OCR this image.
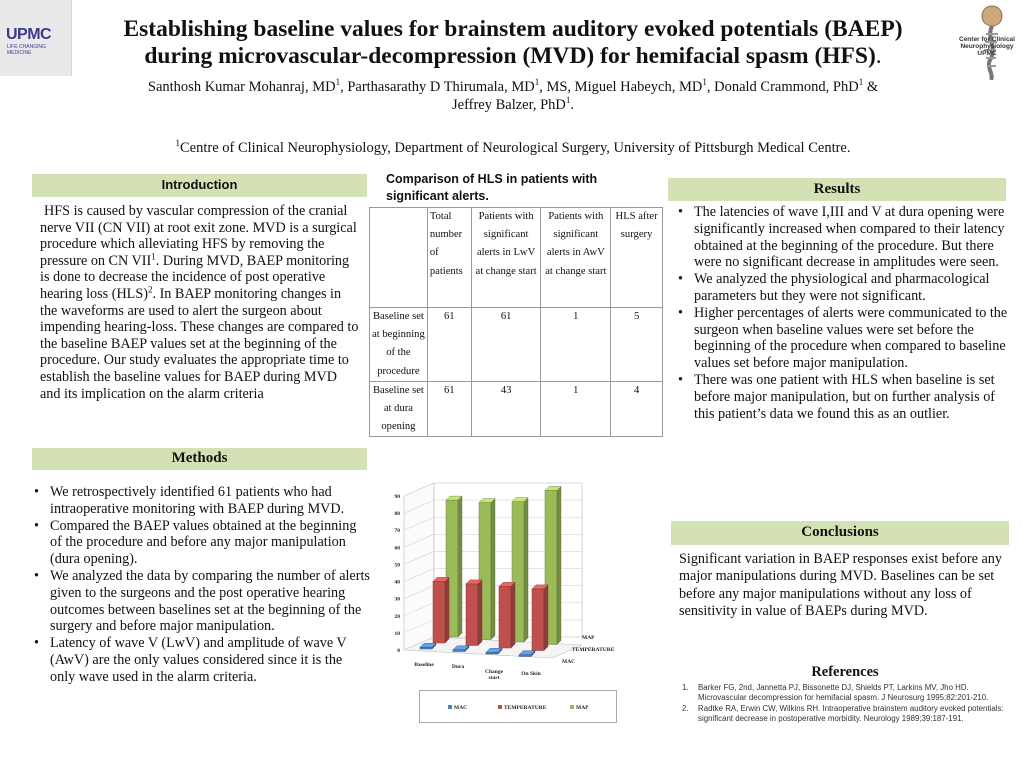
UPMC
LIFE CHANGING MEDICINE
Center for Clinical Neurophysiology
UPMC
Establishing baseline values for brainstem auditory evoked potentials (BAEP)
during microvascular-decompression (MVD) for hemifacial spasm (HFS).
Santhosh Kumar Mohanraj, $MD^1$, Parthasarathy D Thirumala, $MD^1$, MS, Miguel Habeych, $MD^1$, Donald Crammond, PhD$^1$ &
Jeffrey Balzer, PhD$^1$.
$^1$Centre of Clinical Neurophysiology, Department of Neurological Surgery, University of Pittsburgh Medical Centre.
Introduction
HFS is caused by vascular compression of the cranial nerve VII (CN VII) at root exit zone. MVD is a surgical procedure which alleviating HFS by removing the pressure on CN VII$^1$. During MVD, BAEP monitoring is done to decrease the incidence of post operative hearing loss (HLS)$^2$. In BAEP monitoring changes in the waveforms are used to alert the surgeon about impending hearing-loss. These changes are compared to the baseline BAEP values set at the beginning of the procedure. Our study evaluates the appropriate time to establish the baseline values for BAEP during MVD and its implication on the alarm criteria
Methods
• We retrospectively identified 61 patients who had intraoperative monitoring with BAEP during MVD.
• Compared the BAEP values obtained at the beginning of the procedure and before any major manipulation (dura opening).
• We analyzed the data by comparing the number of alerts given to the surgeons and the post operative hearing outcomes between baselines set at the beginning of the surgery and before major manipulation.
• Latency of wave V (LwV) and amplitude of wave V (AwV) are the only values considered since it is the only wave used in the alarm criteria.
Comparison of HLS in patients with significant alerts.
	Total number of patients	Patients with significant alerts in LwV at change start	Patients with significant alerts in AwV at change start	HLS after surgery
Baseline set at beginning of the procedure	61	61	1	5
Baseline set at dura opening	61	43	1	4
0
10
20
30
40
50
60
70
80
90
Baseline	Dura
Change
start
On Skin
MAP
TEMPERATURE
MAC
MAC	TEMPERATURE	MAP
Results
• The latencies of wave I,III and V at dura opening were significantly increased when compared to their latency obtained at the beginning of the procedure. But there were no significant decrease in amplitudes were seen.
• We analyzed the physiological and pharmacological parameters but they were not significant.
• Higher percentages of alerts were communicated to the surgeon when baseline values were set before the beginning of the procedure when compared to baseline values set before major manipulation.
• There was one patient with HLS when baseline is set before major manipulation, but on further analysis of this patient’s data we found this as an outlier.
Conclusions
Significant variation in BAEP responses exist before any major manipulations during MVD. Baselines can be set before any major manipulations without any loss of sensitivity in value of BAEPs during MVD.
References
1. Barker FG, 2nd, Jannetta PJ, Bissonette DJ, Shields PT, Larkins MV, Jho HD. Microvascular decompression for hemifacial spasm. J Neurosurg 1995;82:201-210.
2. Radtke RA, Erwin CW, Wilkins RH. Intraoperative brainstem auditory evoked potentials: significant decrease in postoperative morbidity. Neurology 1989;39:187-191.
